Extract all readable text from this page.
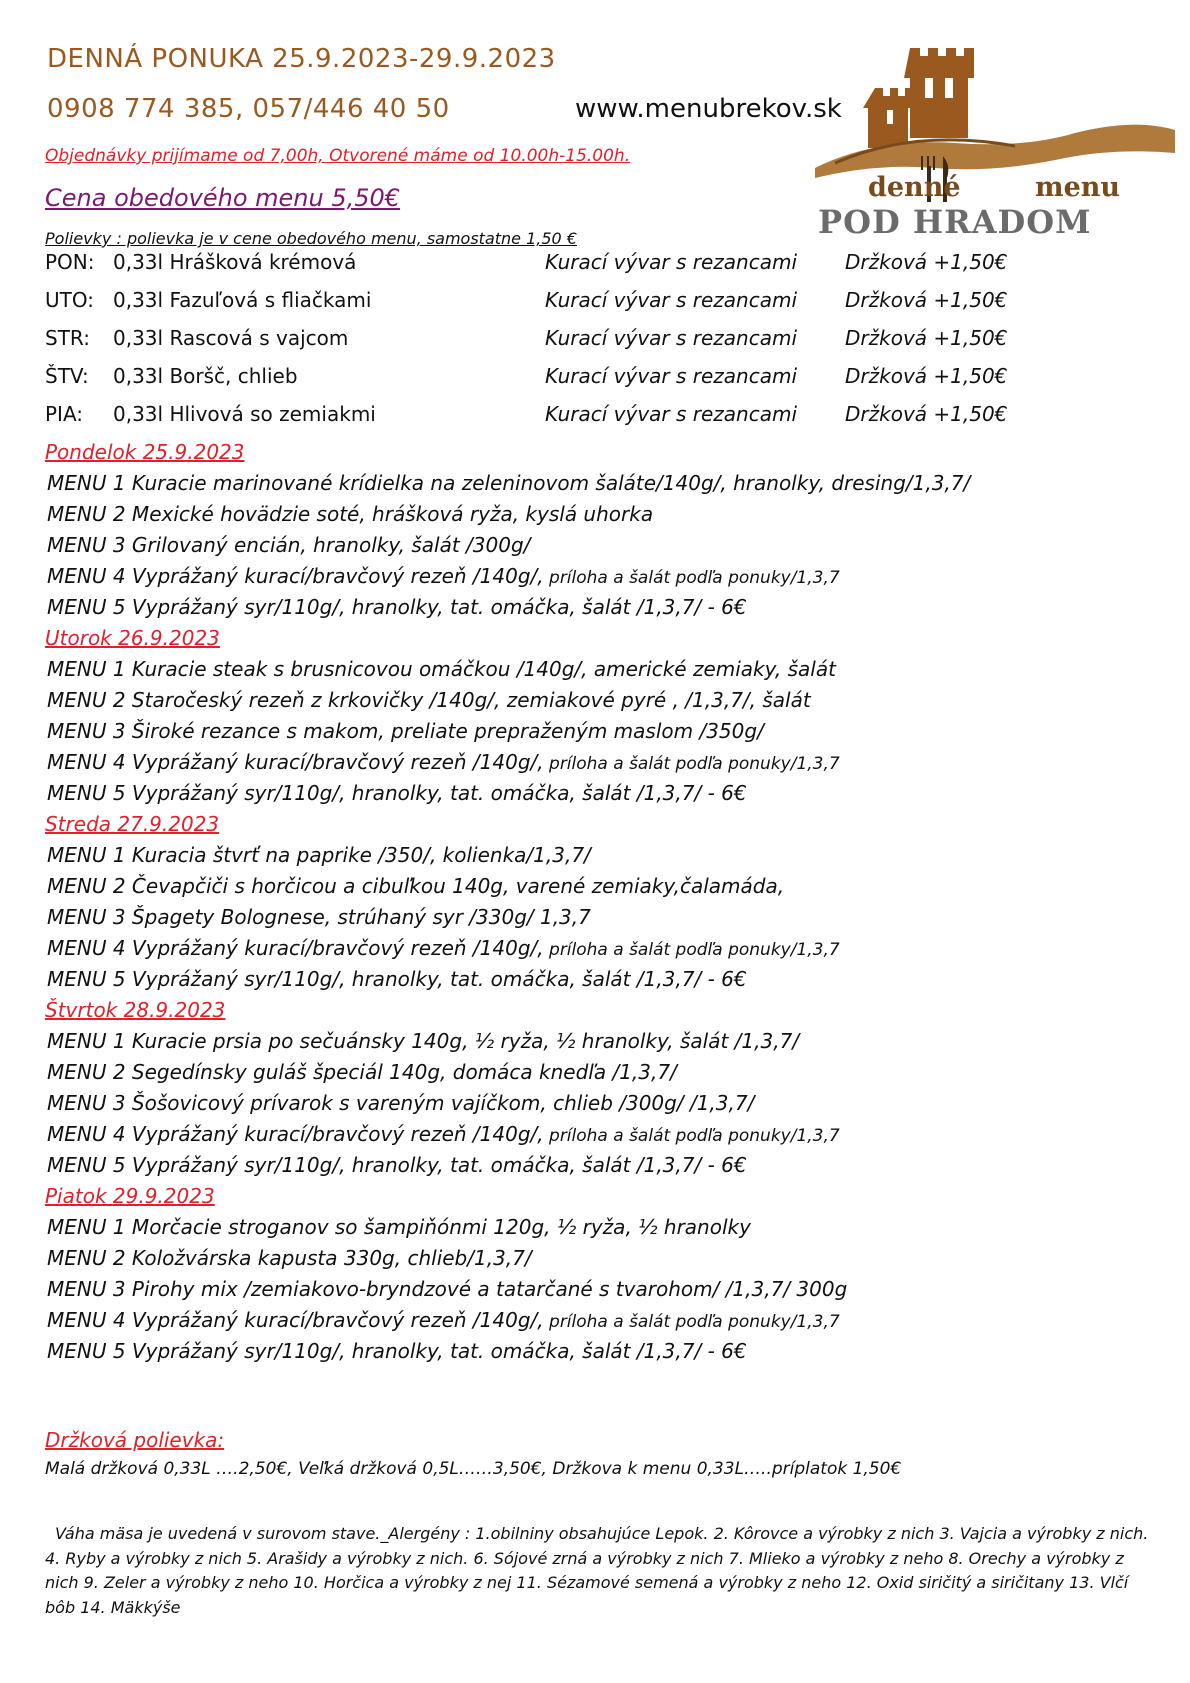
DENNÁ PONUKA 25.9.2023-29.9.2023
0908 774 385, 057/446 40 50	www.menubrekov.sk
Objednávky prijímame od 7,00h, Otvorené máme od 10.00h-15.00h.
Cena obedového menu 5,50€
Polievky : polievka je v cene obedového menu, samostatne 1,50 €
denné	menu
POD HRADOM
PON: 0,33l Hrášková krémová	Kurací vývar s rezancami Držková +1,50€
UTO: 0,33l Fazuľová s fliačkami	Kurací vývar s rezancami Držková +1,50€
STR: 0,33l Rascová s vajcom	Kurací vývar s rezancami Držková +1,50€
ŠTV: 0,33l Boršč, chlieb	Kurací vývar s rezancami Držková +1,50€
PIA: 0,33l Hlivová so zemiakmi	Kurací vývar s rezancami Držková +1,50€
Pondelok 25.9.2023
MENU 1 Kuracie marinované krídielka na zeleninovom šaláte/140g/, hranolky, dresing/1,3,7/
MENU 2 Mexické hovädzie soté, hrášková ryža, kyslá uhorka
MENU 3 Grilovaný encián, hranolky, šalát /300g/
MENU 4 Vyprážaný kurací/bravčový rezeň /140g/, príloha a šalát podľa ponuky/1,3,7
MENU 5 Vyprážaný syr/110g/, hranolky, tat. omáčka, šalát /1,3,7/ - 6€
Utorok 26.9.2023
MENU 1 Kuracie steak s brusnicovou omáčkou /140g/, americké zemiaky, šalát
MENU 2 Staročeský rezeň z krkovičky /140g/, zemiakové pyré , /1,3,7/, šalát
MENU 3 Široké rezance s makom, preliate prepraženým maslom /350g/
MENU 4 Vyprážaný kurací/bravčový rezeň /140g/, príloha a šalát podľa ponuky/1,3,7
MENU 5 Vyprážaný syr/110g/, hranolky, tat. omáčka, šalát /1,3,7/ - 6€
Streda 27.9.2023
MENU 1 Kuracia štvrť na paprike /350/, kolienka/1,3,7/
MENU 2 Čevapčiči s horčicou a cibuľkou 140g, varené zemiaky,čalamáda,
MENU 3 Špagety Bolognese, strúhaný syr /330g/ 1,3,7
MENU 4 Vyprážaný kurací/bravčový rezeň /140g/, príloha a šalát podľa ponuky/1,3,7
MENU 5 Vyprážaný syr/110g/, hranolky, tat. omáčka, šalát /1,3,7/ - 6€
Štvrtok 28.9.2023
MENU 1 Kuracie prsia po sečuánsky 140g, ½ ryža, ½ hranolky, šalát /1,3,7/
MENU 2 Segedínsky guláš špeciál 140g, domáca knedľa /1,3,7/
MENU 3 Šošovicový prívarok s vareným vajíčkom, chlieb /300g/ /1,3,7/
MENU 4 Vyprážaný kurací/bravčový rezeň /140g/, príloha a šalát podľa ponuky/1,3,7
MENU 5 Vyprážaný syr/110g/, hranolky, tat. omáčka, šalát /1,3,7/ - 6€
Piatok 29.9.2023
MENU 1 Morčacie stroganov so šampiňónmi 120g, ½ ryža, ½ hranolky
MENU 2 Koložvárska kapusta 330g, chlieb/1,3,7/
MENU 3 Pirohy mix /zemiakovo-bryndzové a tatarčané s tvarohom/ /1,3,7/ 300g
MENU 4 Vyprážaný kurací/bravčový rezeň /140g/, príloha a šalát podľa ponuky/1,3,7
MENU 5 Vyprážaný syr/110g/, hranolky, tat. omáčka, šalát /1,3,7/ - 6€
Držková polievka:
Malá držková 0,33L ….2,50€, Veľká držková 0,5L……3,50€, Držkova k menu 0,33L…..príplatok 1,50€
Váha mäsa je uvedená v surovom stave._Alergény : 1.obilniny obsahujúce Lepok. 2. Kôrovce a výrobky z nich 3. Vajcia a výrobky z nich. 4. Ryby a výrobky z nich 5. Arašidy a výrobky z nich. 6. Sójové zrná a výrobky z nich 7. Mlieko a výrobky z neho 8. Orechy a výrobky z nich 9. Zeler a výrobky z neho 10. Horčica a výrobky z nej 11. Sézamové semená a výrobky z neho 12. Oxid siričitý a siričitany 13. Vlčí bôb 14. Mäkkýše
